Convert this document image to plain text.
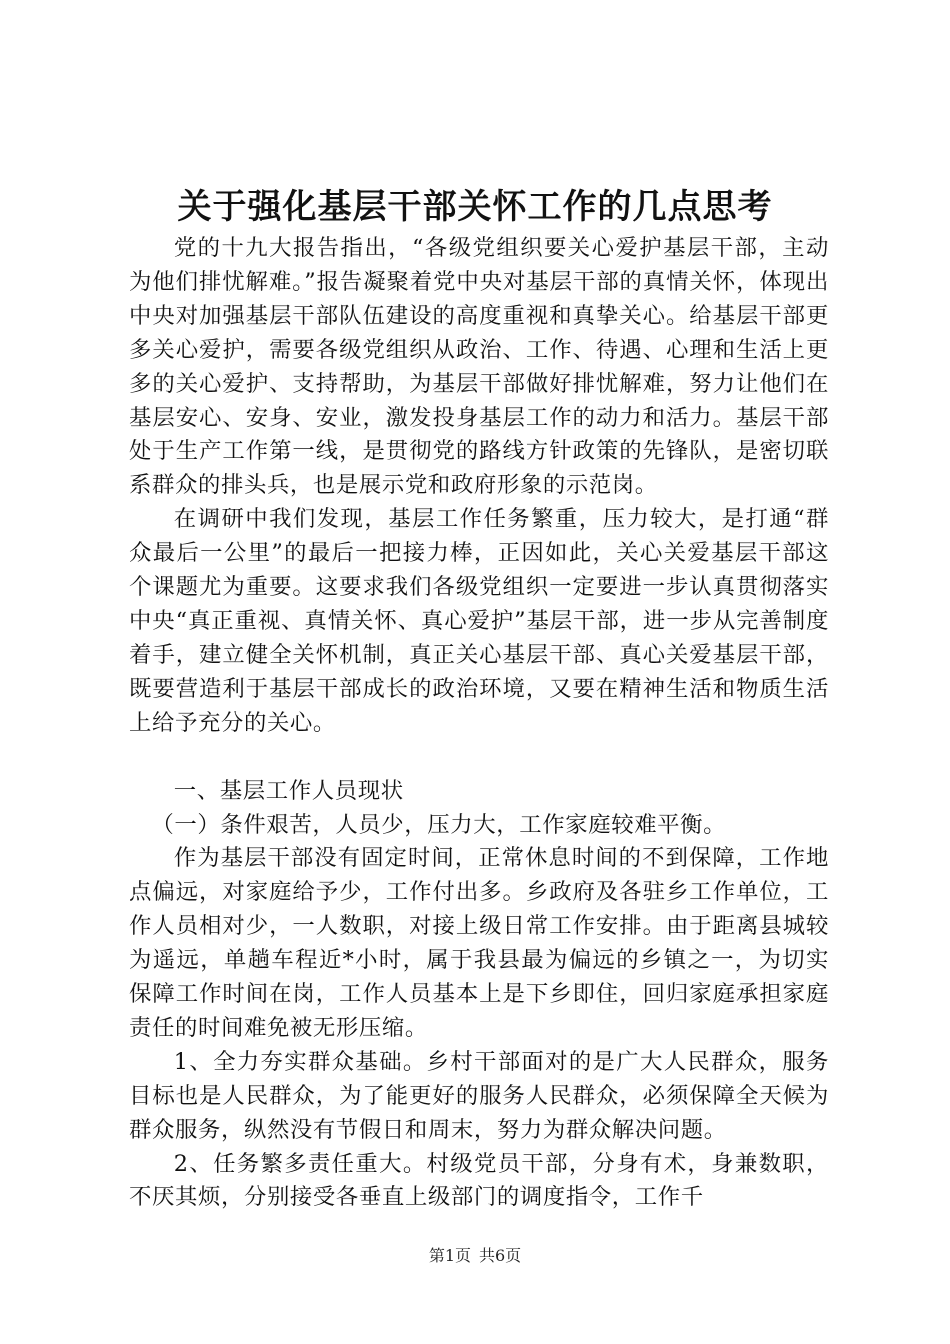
关于强化基层干部关怀工作的几点思考

党的十九大报告指出，“各级党组织要关心爱护基层干部，主动为他们排忧解难。”报告凝聚着党中央对基层干部的真情关怀，体现出中央对加强基层干部队伍建设的高度重视和真挚关心。给基层干部更多关心爱护，需要各级党组织从政治、工作、待遇、心理和生活上更多的关心爱护、支持帮助，为基层干部做好排忧解难，努力让他们在基层安心、安身、安业，激发投身基层工作的动力和活力。基层干部处于生产工作第一线，是贯彻党的路线方针政策的先锋队，是密切联系群众的排头兵，也是展示党和政府形象的示范岗。

在调研中我们发现，基层工作任务繁重，压力较大，是打通“群众最后一公里”的最后一把接力棒，正因如此，关心关爱基层干部这个课题尤为重要。这要求我们各级党组织一定要进一步认真贯彻落实中央“真正重视、真情关怀、真心爱护”基层干部，进一步从完善制度着手，建立健全关怀机制，真正关心基层干部、真心关爱基层干部，既要营造利于基层干部成长的政治环境，又要在精神生活和物质生活上给予充分的关心。

一、基层工作人员现状

（一）条件艰苦，人员少，压力大，工作家庭较难平衡。

作为基层干部没有固定时间，正常休息时间的不到保障，工作地点偏远，对家庭给予少，工作付出多。乡政府及各驻乡工作单位，工作人员相对少，一人数职，对接上级日常工作安排。由于距离县城较为遥远，单趟车程近*小时，属于我县最为偏远的乡镇之一，为切实保障工作时间在岗，工作人员基本上是下乡即住，回归家庭承担家庭责任的时间难免被无形压缩。

1、全力夯实群众基础。乡村干部面对的是广大人民群众，服务目标也是人民群众，为了能更好的服务人民群众，必须保障全天候为群众服务，纵然没有节假日和周末，努力为群众解决问题。

2、任务繁多责任重大。村级党员干部，分身有术，身兼数职，不厌其烦，分别接受各垂直上级部门的调度指令，工作千

第1页 共6页
